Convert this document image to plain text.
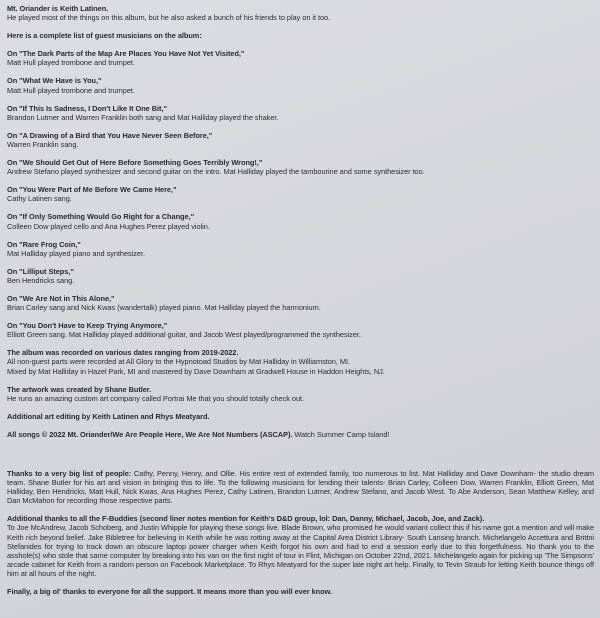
Mt. Oriander is Keith Latinen.
He played most of the things on this album, but he also asked a bunch of his friends to play on it too.
Here is a complete list of guest musicians on the album:
On "The Dark Parts of the Map Are Places You Have Not Yet Visited,"
Matt Hull played trombone and trumpet.
On "What We Have is You,"
Matt Hull played trombone and trumpet.
On "If This Is Sadness, I Don't Like It One Bit,"
Brandon Lutmer and Warren Franklin both sang and Mat Halliday played the shaker.
On "A Drawing of a Bird that You Have Never Seen Before,"
Warren Franklin sang.
On "We Should Get Out of Here Before Something Goes Terribly Wrong!,"
Andrew Stefano played synthesizer and second guitar on the intro. Mat Halliday played the tambourine and some synthesizer too.
On "You Were Part of Me Before We Came Here,"
Cathy Latinen sang.
On "If Only Something Would Go Right for a Change,"
Colleen Dow played cello and Ana Hughes Perez played violin.
On "Rare Frog Coin,"
Mat Halliday played piano and synthesizer.
On "Lilliput Steps,"
Ben Hendricks sang.
On "We Are Not in This Alone,"
Brian Carley sang and Nick Kwas (wandertalk) played piano. Mat Halliday played the harmonium.
On "You Don't Have to Keep Trying Anymore,"
Elliott Green sang. Mat Halliday played additional guitar, and Jacob West played/programmed the synthesizer.
The album was recorded on various dates ranging from 2019-2022.
All non-guest parts were recorded at All Glory to the Hypnotoad Studios by Mat Halliday in Williamston, MI.
Mixed by Mat Halliday in Hazel Park, MI and mastered by Dave Downham at Gradwell House in Haddon Heights, NJ.
The artwork was created by Shane Butler.
He runs an amazing custom art company called Portrai Me that you should totally check out.
Additional art editing by Keith Latinen and Rhys Meatyard.
All songs © 2022 Mt. Oriander/We Are People Here, We Are Not Numbers (ASCAP). Watch Summer Camp Island!
Thanks to a very big list of people: Cathy, Penny, Henry, and Ollie. His entire rest of extended family, too numerous to list. Mat Halliday and Dave Downham- the studio dream team. Shane Butler for his art and vision in bringing this to life. To the following musicians for lending their talents- Brian Carley, Colleen Dow, Warren Franklin, Elliott Green, Mat Halliday, Ben Hendricks, Matt Hull, Nick Kwas, Ana Hughes Perez, Cathy Latinen, Brandon Lutmer, Andrew Stefano, and Jacob West. To Abe Anderson, Sean Matthew Kelley, and Dan McMahon for recording those respective parts.
Additional thanks to all the F-Buddies (second liner notes mention for Keith's D&D group, lol: Dan, Danny, Michael, Jacob, Joe, and Zack).
To Joe McAndrew, Jacob Schoberg, and Justin Whipple for playing these songs live. Blade Brown, who promised he would variant collect this if his name got a mention and will make Keith rich beyond belief. Jake Bibletree for believing in Keith while he was rotting away at the Capital Area District Library- South Lansing branch. Michelangelo Accettura and Brittni Stefanides for trying to track down an obscure laptop power charger when Keith forgot his own and had to end a session early due to this forgetfulness. No thank you to the asshole(s) who stole that same computer by breaking into his van on the first night of tour in Flint, Michigan on October 22nd, 2021. Michelangelo again for picking up 'The Simpsons' arcade cabinet for Keith from a random person on Facebook Marketplace. To Rhys Meatyard for the super late night art help. Finally, to Tevin Straub for letting Keith bounce things off him at all hours of the night.
Finally, a big ol' thanks to everyone for all the support. It means more than you will ever know.
